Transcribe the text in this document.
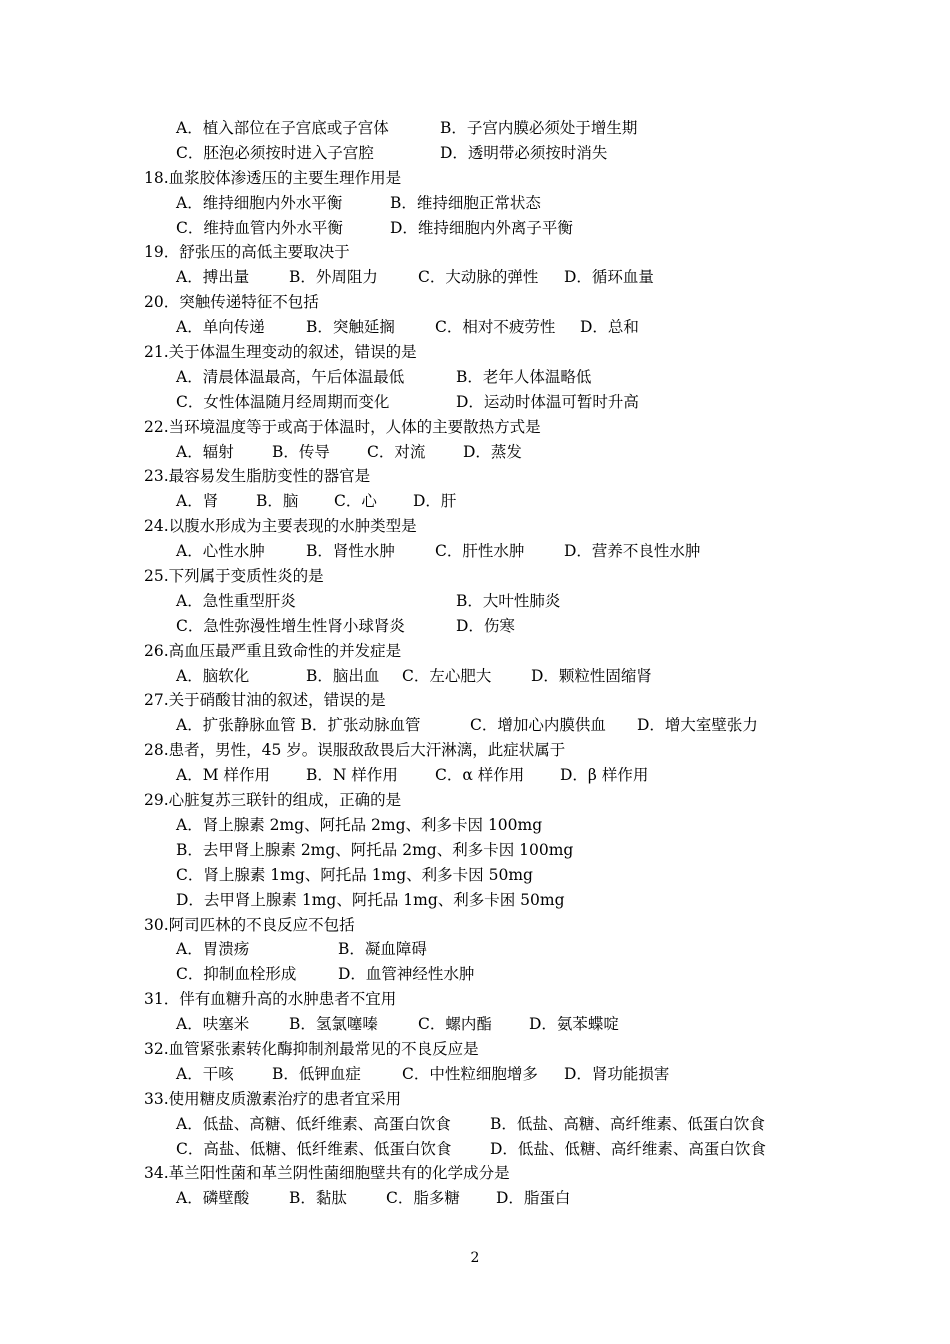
A．植入部位在子宫底或子宫体	B．子宫内膜必须处于增生期
C．胚泡必须按时进入子宫腔	D．透明带必须按时消失
18.血浆胶体渗透压的主要生理作用是
A．维持细胞内外水平衡	B．维持细胞正常状态
C．维持血管内外水平衡	D．维持细胞内外离子平衡
19．舒张压的高低主要取决于
A．搏出量	B．外周阻力	C．大动脉的弹性 D．循环血量
20．突触传递特征不包括
A．单向传递	B．突触延搁	C．相对不疲劳性 D．总和
21.关于体温生理变动的叙述，错误的是
A．清晨体温最高，午后体温最低	B．老年人体温略低
C．女性体温随月经周期而变化	D．运动时体温可暂时升高
22.当环境温度等于或高于体温时，人体的主要散热方式是
A．辐射 B．传导 C．对流 D．蒸发
23.最容易发生脂肪变性的器官是
A．肾 B．脑 C．心 D．肝
24.以腹水形成为主要表现的水肿类型是
A．心性水肿	B．肾性水肿	C．肝性水肿	D．营养不良性水肿
25.下列属于变质性炎的是
A．急性重型肝炎	B．大叶性肺炎
C．急性弥漫性增生性肾小球肾炎	D．伤寒
26.高血压最严重且致命性的并发症是
A．脑软化	B．脑出血 C．左心肥大	D．颗粒性固缩肾
27.关于硝酸甘油的叙述，错误的是
A．扩张静脉血管 B．扩张动脉血管	C．增加心内膜供血 D．增大室壁张力
28.患者，男性，45 岁。误服敌敌畏后大汗淋漓，此症状属于
A．M 样作用 B．N 样作用 C．α 样作用 D．β 样作用
29.心脏复苏三联针的组成，正确的是
A．肾上腺素 2mg、阿托品 2mg、利多卡因 100mg
B．去甲肾上腺素 2mg、阿托品 2mg、利多卡因 100mg
C．肾上腺素 1mg、阿托品 1mg、利多卡因 50mg
D．去甲肾上腺素 1mg、阿托品 1mg、利多卡困 50mg
30.阿司匹林的不良反应不包括
A．胃溃疡	B．凝血障碍
C．抑制血栓形成	D．血管神经性水肿
31．伴有血糖升高的水肿患者不宜用
A．呋塞米	B．氢氯噻嗪	C．螺内酯 D．氨苯蝶啶
32.血管紧张素转化酶抑制剂最常见的不良反应是
A．干咳 B．低钾血症	C．中性粒细胞增多 D．肾功能损害
33.使用糖皮质激素治疗的患者宜采用
A．低盐、高糖、低纤维素、高蛋白饮食	B．低盐、高糖、高纤维素、低蛋白饮食
C．高盐、低糖、低纤维素、低蛋白饮食 D．低盐、低糖、高纤维素、高蛋白饮食
34.革兰阳性菌和革兰阴性菌细胞壁共有的化学成分是
A．磷壁酸	B．黏肽	C．脂多糖 D．脂蛋白
2
